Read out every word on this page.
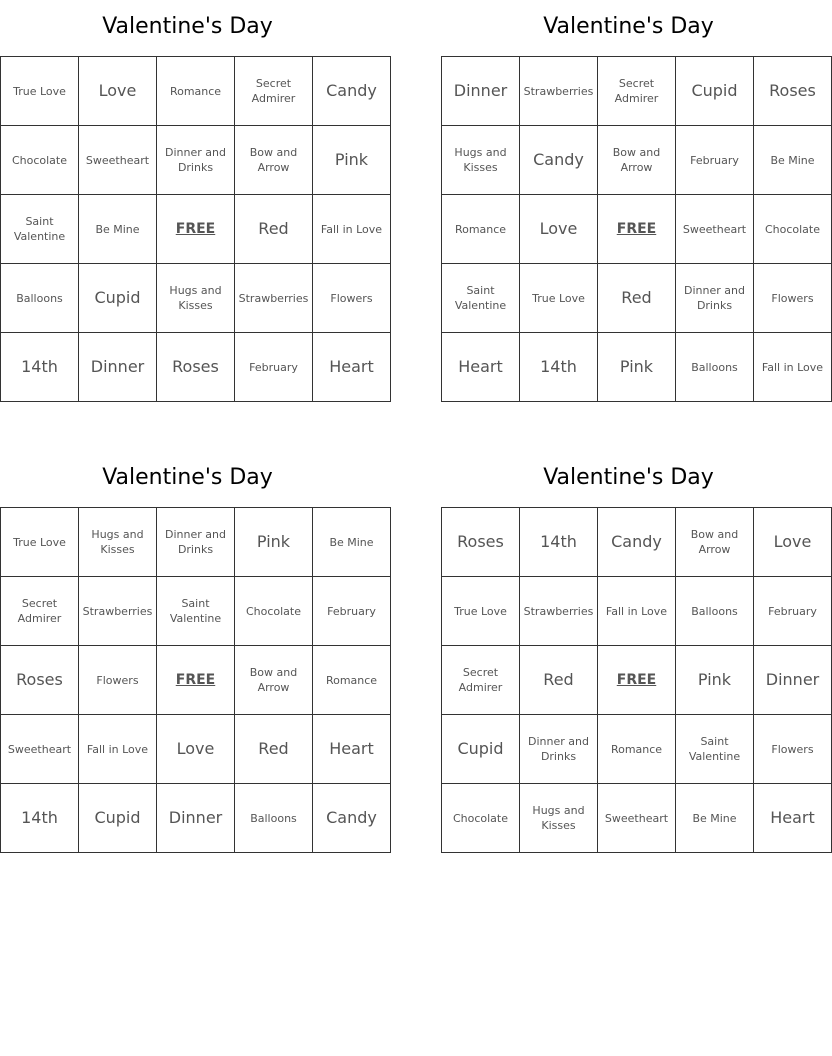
Valentine's Day
True Love	Love	Romance	Secret Admirer	Candy
Chocolate	Sweetheart	Dinner and Drinks	Bow and Arrow	Pink
Saint Valentine	Be Mine	FREE	Red	Fall in Love
Balloons	Cupid	Hugs and Kisses	Strawberries	Flowers
14th	Dinner	Roses	February	Heart
Valentine's Day
Dinner	Strawberries	Secret Admirer	Cupid	Roses
Hugs and Kisses	Candy	Bow and Arrow	February	Be Mine
Romance	Love	FREE	Sweetheart	Chocolate
Saint Valentine	True Love	Red	Dinner and Drinks	Flowers
Heart	14th	Pink	Balloons	Fall in Love
Valentine's Day
True Love	Hugs and Kisses	Dinner and Drinks	Pink	Be Mine
Secret Admirer	Strawberries	Saint Valentine	Chocolate	February
Roses	Flowers	FREE	Bow and Arrow	Romance
Sweetheart	Fall in Love	Love	Red	Heart
14th	Cupid	Dinner	Balloons	Candy
Valentine's Day
Roses	14th	Candy	Bow and Arrow	Love
True Love	Strawberries	Fall in Love	Balloons	February
Secret Admirer	Red	FREE	Pink	Dinner
Cupid	Dinner and Drinks	Romance	Saint Valentine	Flowers
Chocolate	Hugs and Kisses	Sweetheart	Be Mine	Heart
